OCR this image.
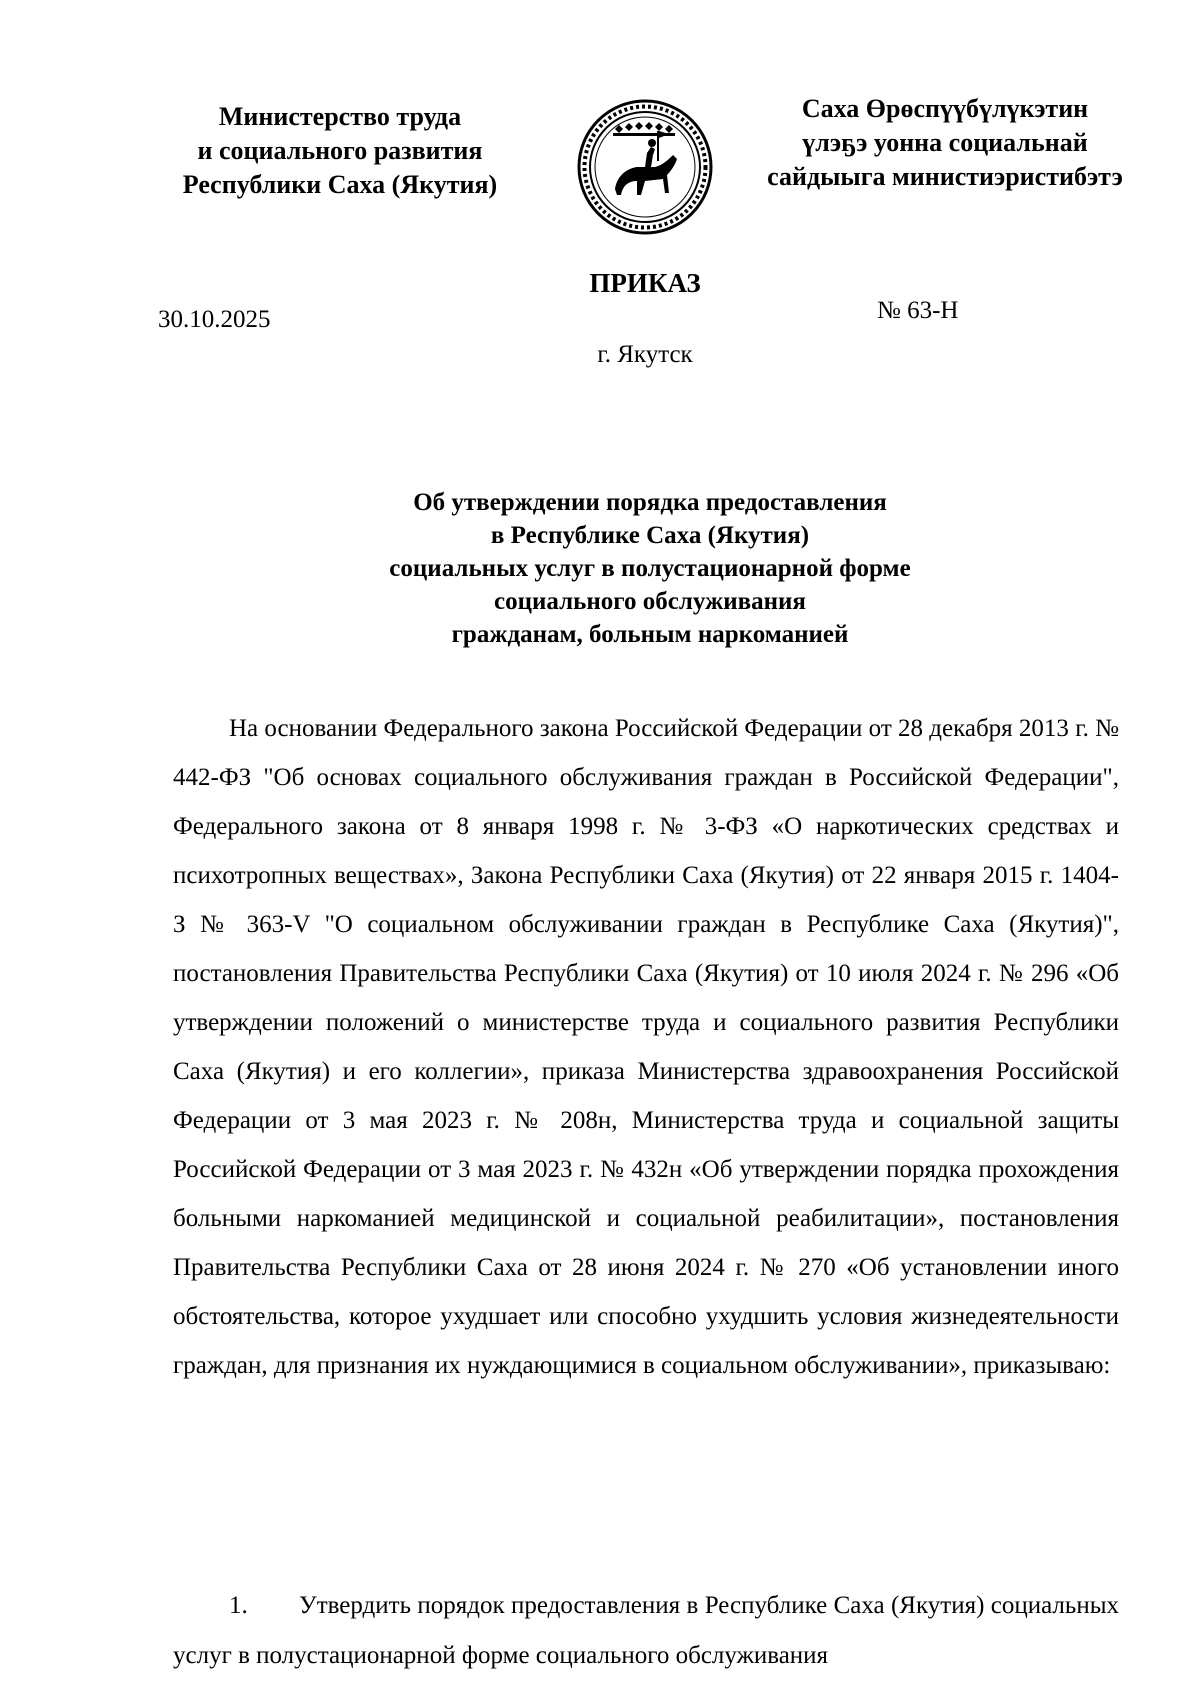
Министерство труда
и социального развития
Республики Саха (Якутия)
Саха Өрөспүүбүлүкэтин
үлэҕэ уонна социальнай
сайдыыга министиэристибэтэ
ПРИКАЗ
30.10.2025	№ 63-Н
г. Якутск
Об утверждении порядка предоставления
в Республике Саха (Якутия)
социальных услуг в полустационарной форме
социального обслуживания
гражданам, больным наркоманией

На основании Федерального закона Российской Федерации от 28 декабря 2013 г. № 442-ФЗ "Об основах социального обслуживания граждан в Российской Федерации", Федерального закона от 8 января 1998 г. № 3-ФЗ «О наркотических средствах и психотропных веществах», Закона Республики Саха (Якутия) от 22 января 2015 г. 1404-З № 363-V "О социальном обслуживании граждан в Республике Саха (Якутия)", постановления Правительства Республики Саха (Якутия) от 10 июля 2024 г. № 296 «Об утверждении положений о министерстве труда и социального развития Республики Саха (Якутия) и его коллегии», приказа Министерства здравоохранения Российской Федерации от 3 мая 2023 г. № 208н, Министерства труда и социальной защиты Российской Федерации от 3 мая 2023 г. № 432н «Об утверждении порядка прохождения больными наркоманией медицинской и социальной реабилитации», постановления Правительства Республики Саха от 28 июня 2024 г. № 270 «Об установлении иного обстоятельства, которое ухудшает или способно ухудшить условия жизнедеятельности граждан, для признания их нуждающимися в социальном обслуживании», приказываю:

1. Утвердить порядок предоставления в Республике Саха (Якутия) социальных услуг в полустационарной форме социального обслуживания
